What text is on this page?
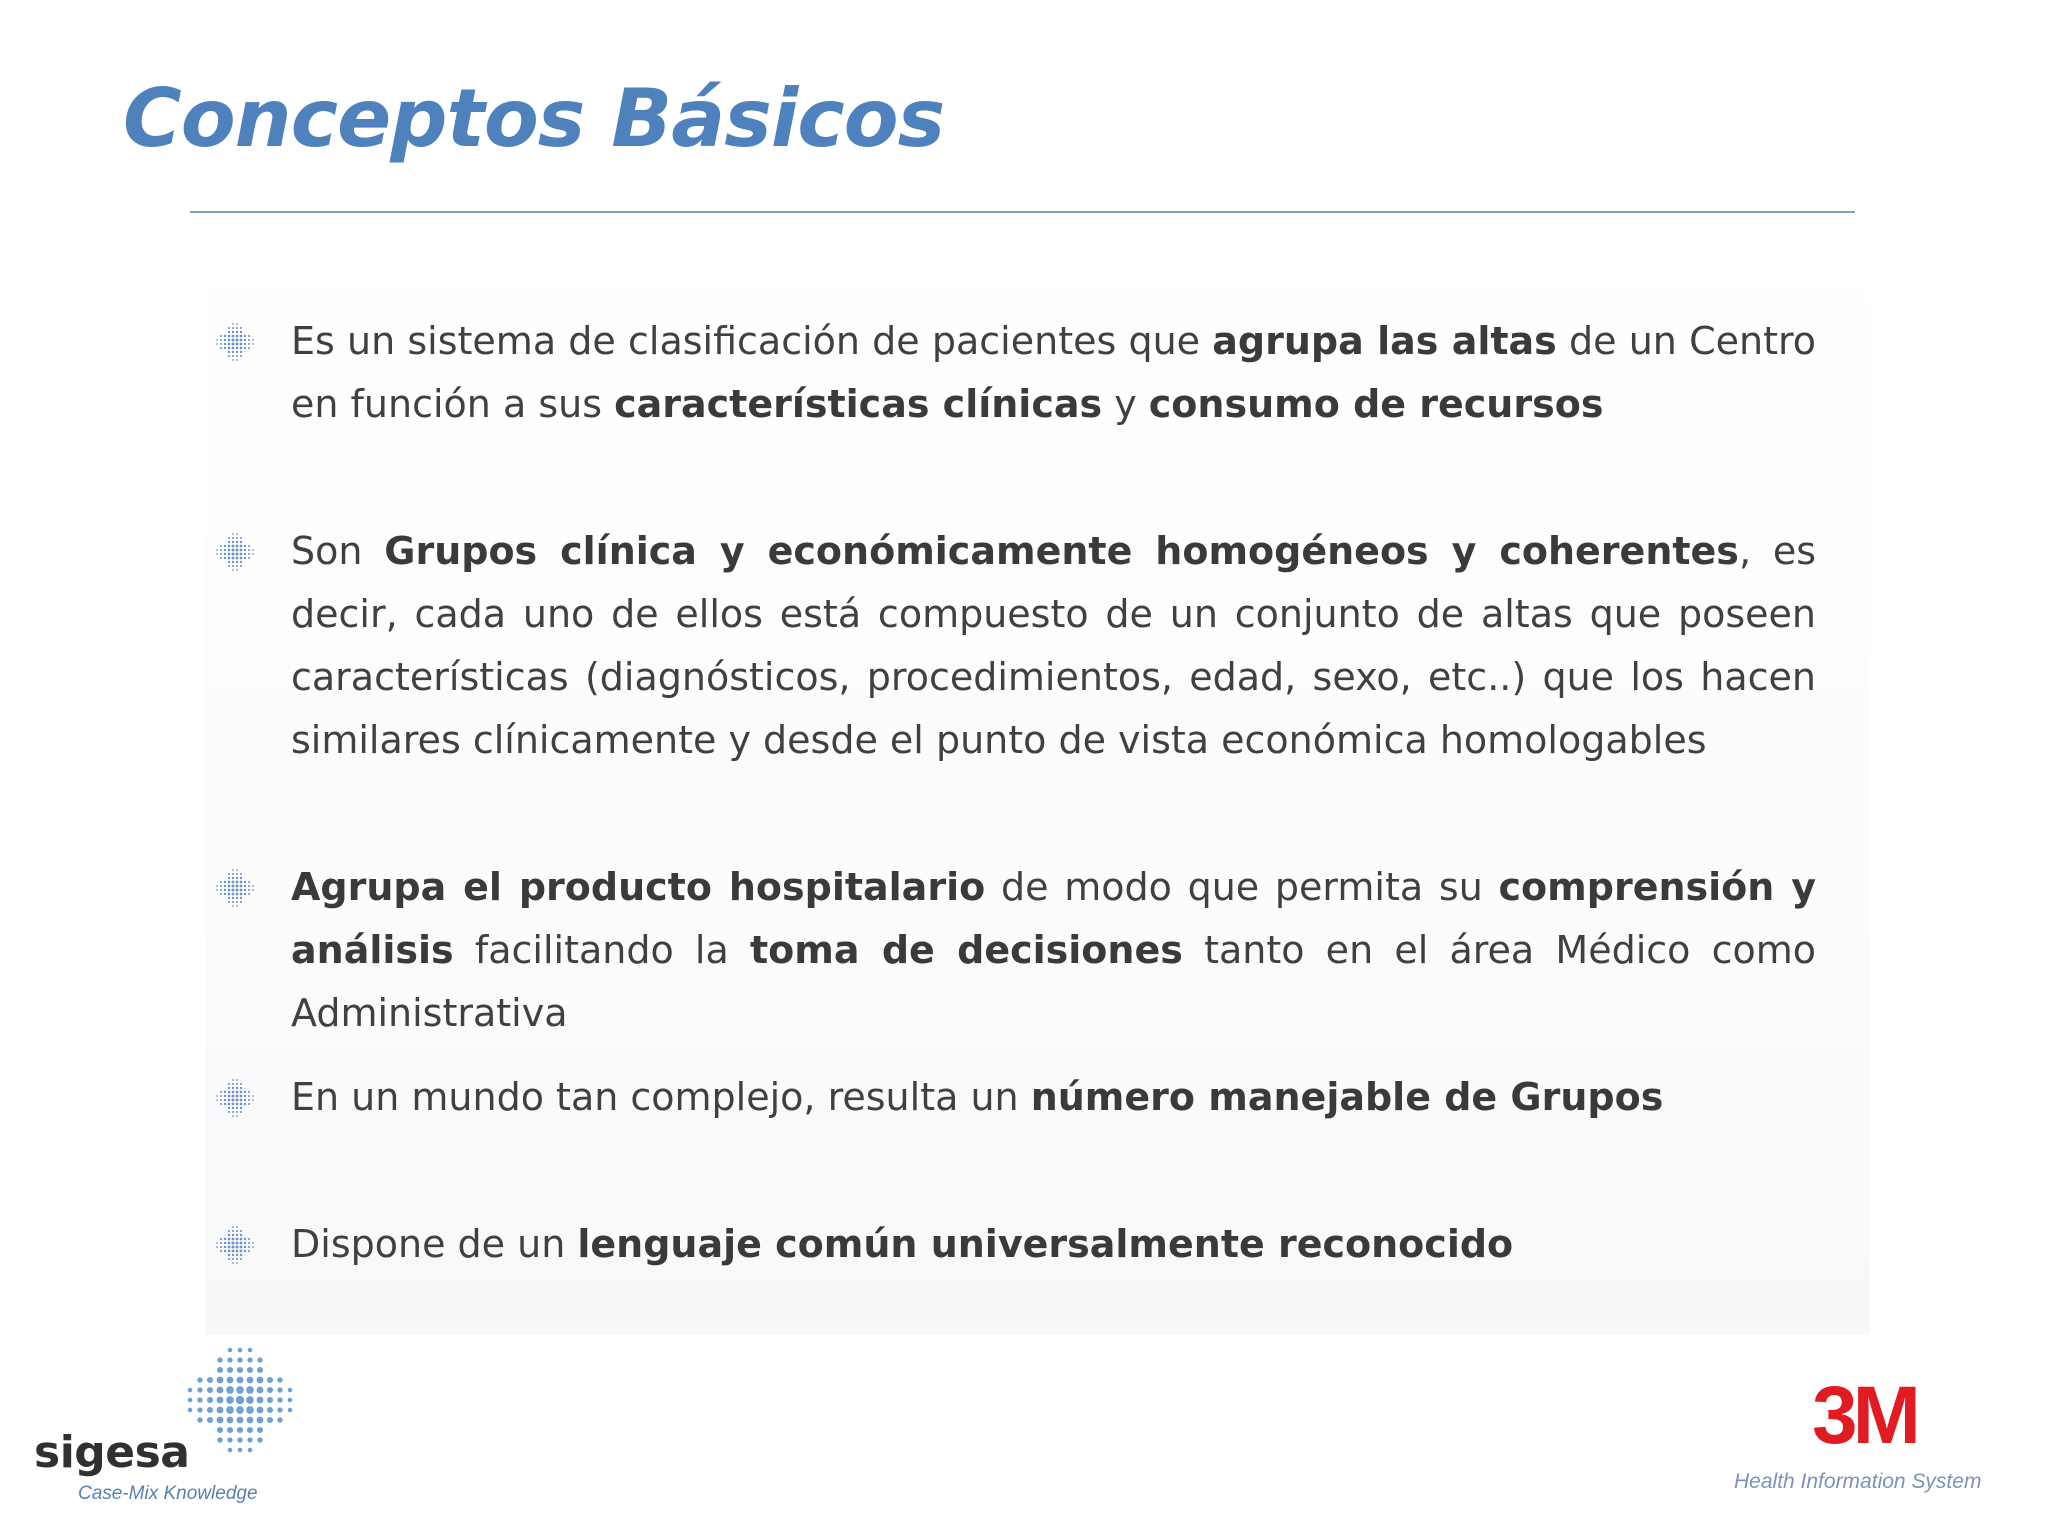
Conceptos Básicos
Es un sistema de clasificación de pacientes que agrupa las altas de un Centro en función a sus características clínicas y consumo de recursos
Son Grupos clínica y económicamente homogéneos y coherentes, es decir, cada uno de ellos está compuesto de un conjunto de altas que poseen características (diagnósticos, procedimientos, edad, sexo, etc..) que los hacen similares clínicamente y desde el punto de vista económica homologables
Agrupa el producto hospitalario de modo que permita su comprensión y análisis facilitando la toma de decisiones tanto en el área Médico como Administrativa
En un mundo tan complejo, resulta un número manejable de Grupos
Dispone de un lenguaje común universalmente reconocido
sigesa
Case-Mix Knowledge
3M
Health Information System
